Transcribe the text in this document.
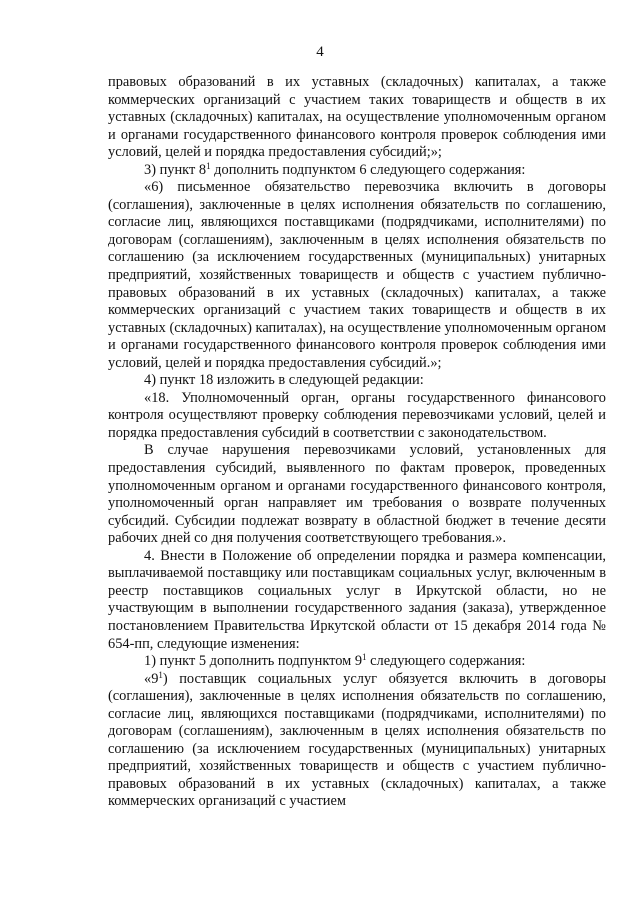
4

правовых образований в их уставных (складочных) капиталах, а также коммерческих организаций с участием таких товариществ и обществ в их уставных (складочных) капиталах, на осуществление уполномоченным органом и органами государственного финансового контроля проверок соблюдения ими условий, целей и порядка предоставления субсидий;»;

3) пункт $8^1$ дополнить подпунктом 6 следующего содержания:

«6) письменное обязательство перевозчика включить в договоры (соглашения), заключенные в целях исполнения обязательств по соглашению, согласие лиц, являющихся поставщиками (подрядчиками, исполнителями) по договорам (соглашениям), заключенным в целях исполнения обязательств по соглашению (за исключением государственных (муниципальных) унитарных предприятий, хозяйственных товариществ и обществ с участием публично-правовых образований в их уставных (складочных) капиталах, а также коммерческих организаций с участием таких товариществ и обществ в их уставных (складочных) капиталах), на осуществление уполномоченным органом и органами государственного финансового контроля проверок соблюдения ими условий, целей и порядка предоставления субсидий.»;

4) пункт 18 изложить в следующей редакции:

«18. Уполномоченный орган, органы государственного финансового контроля осуществляют проверку соблюдения перевозчиками условий, целей и порядка предоставления субсидий в соответствии с законодательством.

В случае нарушения перевозчиками условий, установленных для предоставления субсидий, выявленного по фактам проверок, проведенных уполномоченным органом и органами государственного финансового контроля, уполномоченный орган направляет им требования о возврате полученных субсидий. Субсидии подлежат возврату в областной бюджет в течение десяти рабочих дней со дня получения соответствующего требования.».

4. Внести в Положение об определении порядка и размера компенсации, выплачиваемой поставщику или поставщикам социальных услуг, включенным в реестр поставщиков социальных услуг в Иркутской области, но не участвующим в выполнении государственного задания (заказа), утвержденное постановлением Правительства Иркутской области от 15 декабря 2014 года № 654-пп, следующие изменения:

1) пункт 5 дополнить подпунктом $9^1$ следующего содержания:

«$9^1$) поставщик социальных услуг обязуется включить в договоры (соглашения), заключенные в целях исполнения обязательств по соглашению, согласие лиц, являющихся поставщиками (подрядчиками, исполнителями) по договорам (соглашениям), заключенным в целях исполнения обязательств по соглашению (за исключением государственных (муниципальных) унитарных предприятий, хозяйственных товариществ и обществ с участием публично-правовых образований в их уставных (складочных) капиталах, а также коммерческих организаций с участием
